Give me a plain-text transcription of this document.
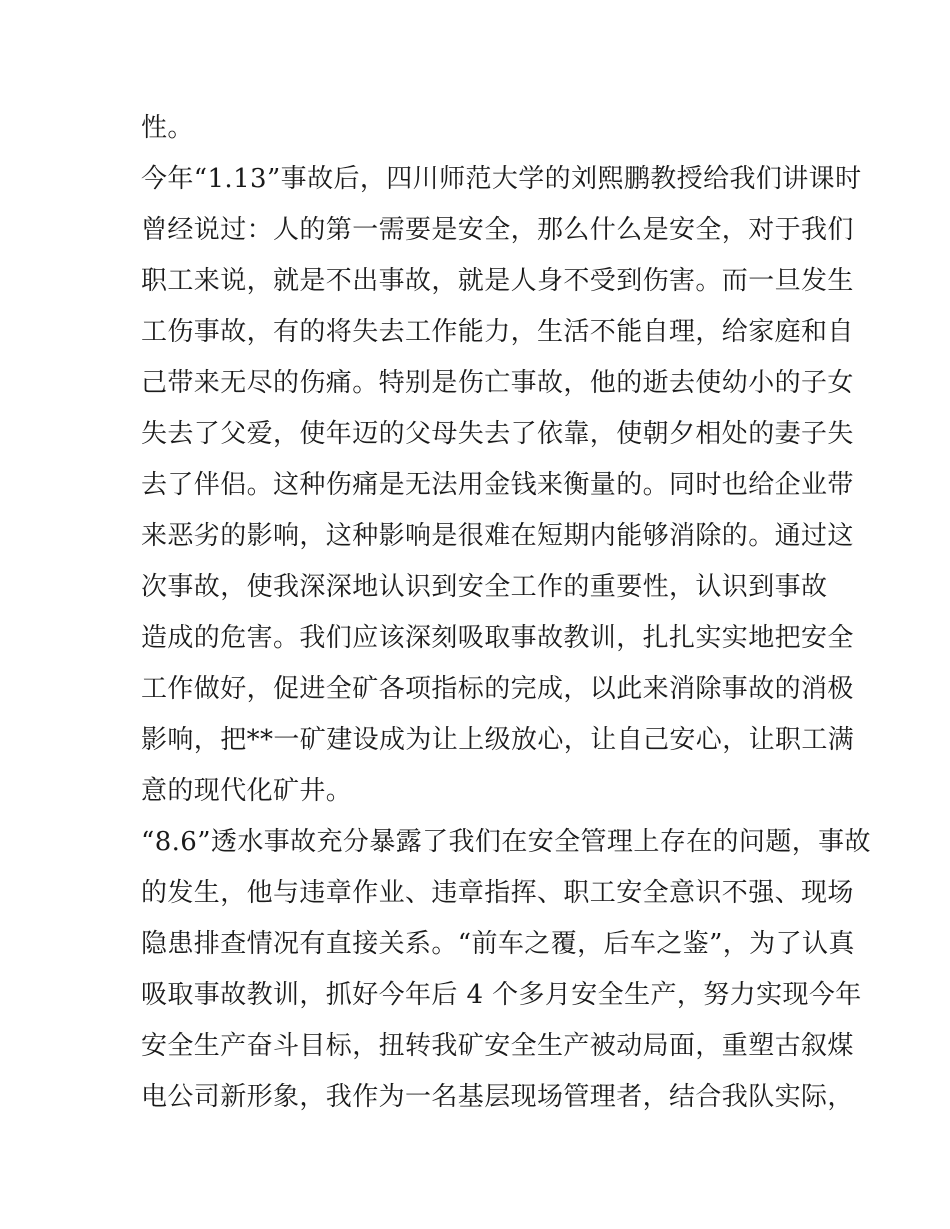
性。
今年“1.13”事故后，四川师范大学的刘熙鹏教授给我们讲课时
曾经说过：人的第一需要是安全，那么什么是安全，对于我们
职工来说，就是不出事故，就是人身不受到伤害。而一旦发生
工伤事故，有的将失去工作能力，生活不能自理，给家庭和自
己带来无尽的伤痛。特别是伤亡事故，他的逝去使幼小的子女
失去了父爱，使年迈的父母失去了依靠，使朝夕相处的妻子失
去了伴侣。这种伤痛是无法用金钱来衡量的。同时也给企业带
来恶劣的影响，这种影响是很难在短期内能够消除的。通过这
次事故，使我深深地认识到安全工作的重要性，认识到事故
造成的危害。我们应该深刻吸取事故教训，扎扎实实地把安全
工作做好，促进全矿各项指标的完成，以此来消除事故的消极
影响，把**一矿建设成为让上级放心，让自己安心，让职工满
意的现代化矿井。
“8.6”透水事故充分暴露了我们在安全管理上存在的问题，事故
的发生，他与违章作业、违章指挥、职工安全意识不强、现场
隐患排查情况有直接关系。“前车之覆，后车之鉴”，为了认真
吸取事故教训，抓好今年后 4 个多月安全生产，努力实现今年
安全生产奋斗目标，扭转我矿安全生产被动局面，重塑古叙煤
电公司新形象，我作为一名基层现场管理者，结合我队实际，
